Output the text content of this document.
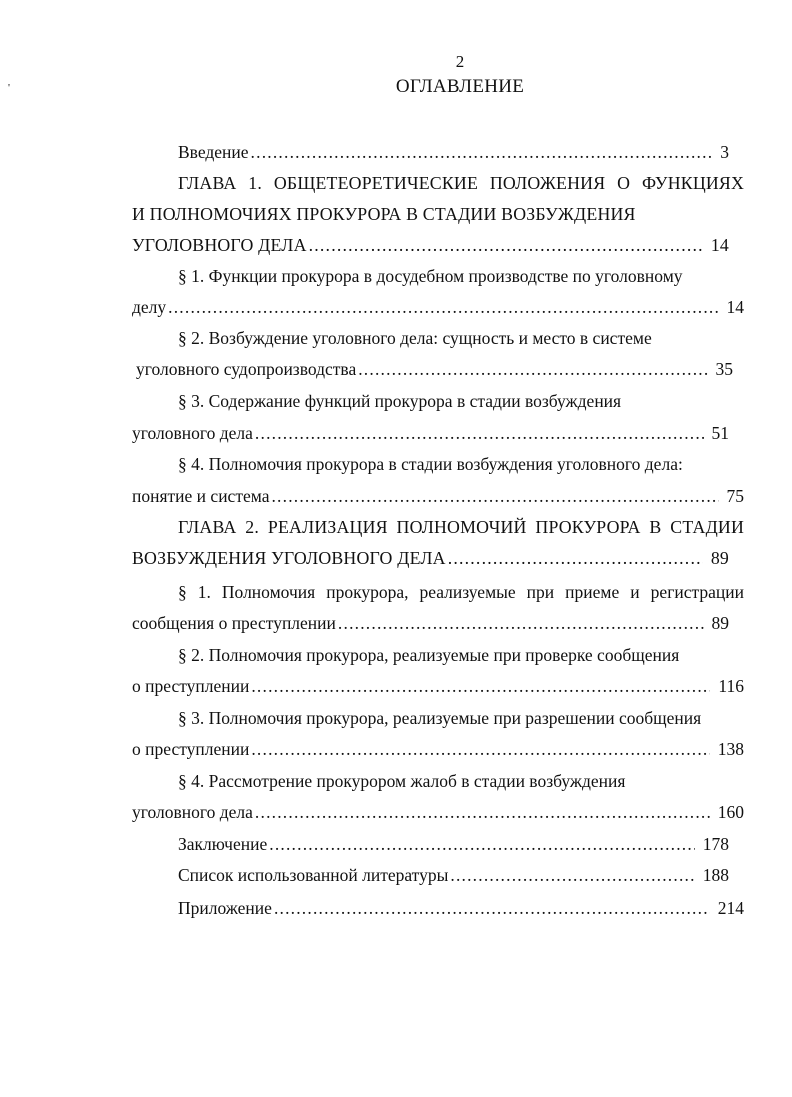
2
ОГЛАВЛЕНИЕ
'
Введение .....	3
ГЛАВА 1. ОБЩЕТЕОРЕТИЧЕСКИЕ ПОЛОЖЕНИЯ О ФУНКЦИЯХ
И ПОЛНОМОЧИЯХ ПРОКУРОРА В СТАДИИ ВОЗБУЖДЕНИЯ
УГОЛОВНОГО ДЕЛА .....	14
§ 1. Функции прокурора в досудебном производстве по уголовному
делу .....	14
§ 2. Возбуждение уголовного дела: сущность и место в системе
уголовного судопроизводства .....	35
§ 3. Содержание функций прокурора в стадии возбуждения
уголовного дела .....	51
§ 4. Полномочия прокурора в стадии возбуждения уголовного дела:
понятие и система .....	75
ГЛАВА 2. РЕАЛИЗАЦИЯ ПОЛНОМОЧИЙ ПРОКУРОРА В СТАДИИ
ВОЗБУЖДЕНИЯ УГОЛОВНОГО ДЕЛА .....	89
§ 1. Полномочия прокурора, реализуемые при приеме и регистрации
сообщения о преступлении .....	89
§ 2. Полномочия прокурора, реализуемые при проверке сообщения
о преступлении .....	116
§ 3. Полномочия прокурора, реализуемые при разрешении сообщения
о преступлении .....	138
§ 4. Рассмотрение прокурором жалоб в стадии возбуждения
уголовного дела .....	160
Заключение .....	178
Список использованной литературы .....	188
Приложение .....	214
